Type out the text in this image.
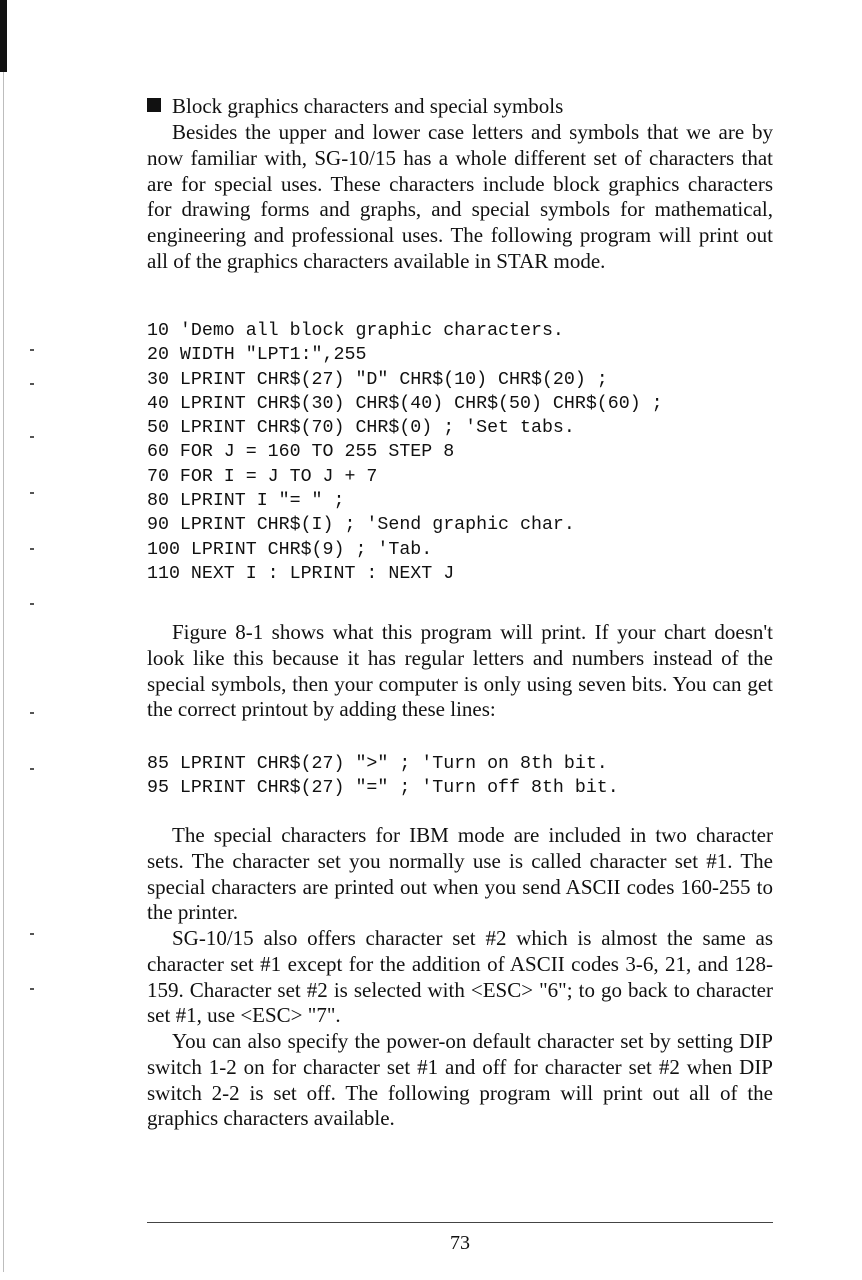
Block graphics characters and special symbols

Besides the upper and lower case letters and symbols that we are by now familiar with, SG-10/15 has a whole different set of characters that are for special uses. These characters include block graphics characters for drawing forms and graphs, and special symbols for mathematical, engineering and professional uses. The following program will print out all of the graphics characters available in STAR mode.

10 'Demo all block graphic characters.
20 WIDTH "LPT1:",255
30 LPRINT CHR$(27) "D" CHR$(10) CHR$(20) ;
40 LPRINT CHR$(30) CHR$(40) CHR$(50) CHR$(60) ;
50 LPRINT CHR$(70) CHR$(0) ; 'Set tabs.
60 FOR J = 160 TO 255 STEP 8
70 FOR I = J TO J + 7
80 LPRINT I "= " ;
90 LPRINT CHR$(I) ; 'Send graphic char.
100 LPRINT CHR$(9) ; 'Tab.
110 NEXT I : LPRINT : NEXT J

Figure 8-1 shows what this program will print. If your chart doesn't look like this because it has regular letters and numbers instead of the special symbols, then your computer is only using seven bits. You can get the correct printout by adding these lines:

85 LPRINT CHR$(27) ">" ; 'Turn on 8th bit.
95 LPRINT CHR$(27) "=" ; 'Turn off 8th bit.

The special characters for IBM mode are included in two character sets. The character set you normally use is called character set #1. The special characters are printed out when you send ASCII codes 160-255 to the printer.

SG-10/15 also offers character set #2 which is almost the same as character set #1 except for the addition of ASCII codes 3-6, 21, and 128-159. Character set #2 is selected with <ESC> "6"; to go back to character set #1, use <ESC> "7".

You can also specify the power-on default character set by setting DIP switch 1-2 on for character set #1 and off for character set #2 when DIP switch 2-2 is set off. The following program will print out all of the graphics characters available.

73
